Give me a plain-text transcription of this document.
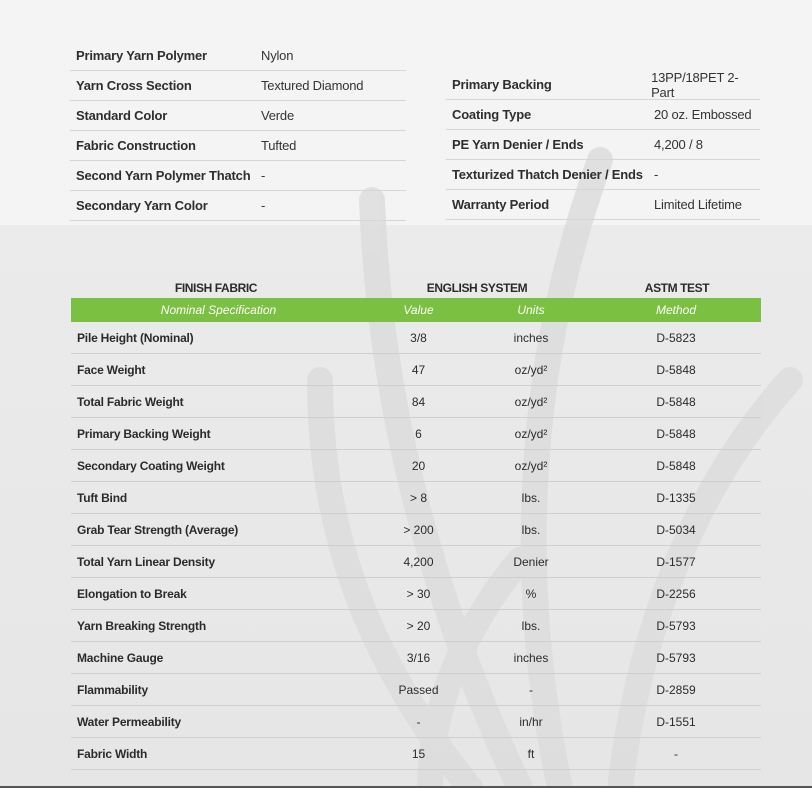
Primary Yarn Polymer	Nylon
Yarn Cross Section	Textured Diamond
Standard Color	Verde
Fabric Construction	Tufted
Second Yarn Polymer Thatch -
Secondary Yarn Color	-
Primary Backing	13PP/18PET 2-Part
Coating Type	20 oz. Embossed
PE Yarn Denier / Ends	4,200 / 8
Texturized Thatch Denier / Ends -
Warranty Period	Limited Lifetime
FINISH FABRIC	ENGLISH SYSTEM	ASTM TEST
Nominal Specification	Value	Units	Method
Pile Height (Nominal)	3/8	inches	D-5823
Face Weight	47	oz/yd²	D-5848
Total Fabric Weight	84	oz/yd²	D-5848
Primary Backing Weight	6	oz/yd²	D-5848
Secondary Coating Weight	20	oz/yd²	D-5848
Tuft Bind	> 8	lbs.	D-1335
Grab Tear Strength (Average)	> 200	lbs.	D-5034
Total Yarn Linear Density	4,200	Denier	D-1577
Elongation to Break	> 30	%	D-2256
Yarn Breaking Strength	> 20	lbs.	D-5793
Machine Gauge	3/16	inches	D-5793
Flammability	Passed	-	D-2859
Water Permeability	-	in/hr	D-1551
Fabric Width	15	ft	-
